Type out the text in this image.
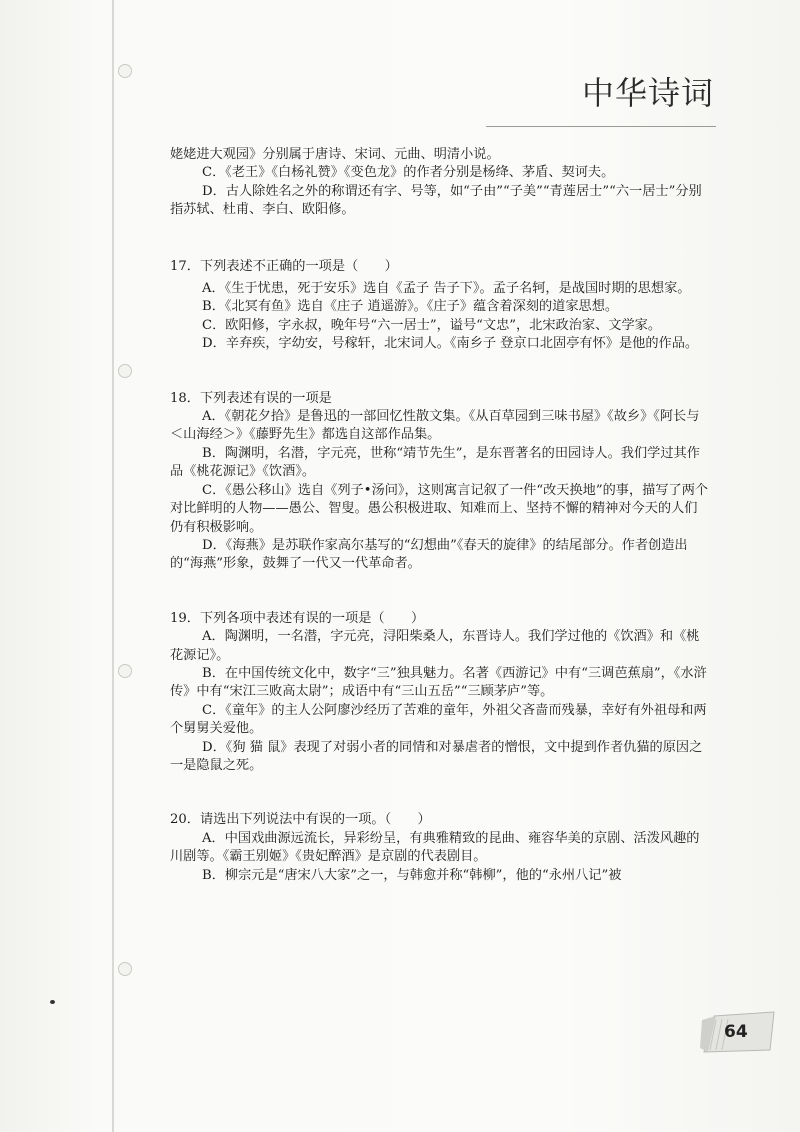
中华诗词

姥姥进大观园》分别属于唐诗、宋词、元曲、明清小说。

C．《老王》《白杨礼赞》《变色龙》的作者分别是杨绛、茅盾、契诃夫。

D．古人除姓名之外的称谓还有字、号等，如“子由”“子美”“青莲居士”“六一居士”分别指苏轼、杜甫、李白、欧阳修。

17．下列表述不正确的一项是（　　）

A．《生于忧患，死于安乐》选自《孟子 告子下》。孟子名轲，是战国时期的思想家。

B．《北冥有鱼》选自《庄子 逍遥游》。《庄子》蕴含着深刻的道家思想。

C．欧阳修，字永叔，晚年号“六一居士”，谥号“文忠”，北宋政治家、文学家。

D．辛弃疾，字幼安，号稼轩，北宋词人。《南乡子 登京口北固亭有怀》是他的作品。

18．下列表述有误的一项是

A．《朝花夕拾》是鲁迅的一部回忆性散文集。《从百草园到三味书屋》《故乡》《阿长与＜山海经＞》《藤野先生》都选自这部作品集。

B．陶渊明，名潜，字元亮，世称“靖节先生”，是东晋著名的田园诗人。我们学过其作品《桃花源记》《饮酒》。

C．《愚公移山》选自《列子•汤问》，这则寓言记叙了一件“改天换地”的事，描写了两个对比鲜明的人物——愚公、智叟。愚公积极进取、知难而上、坚持不懈的精神对今天的人们仍有积极影响。

D．《海燕》是苏联作家高尔基写的“幻想曲”《春天的旋律》的结尾部分。作者创造出的“海燕”形象，鼓舞了一代又一代革命者。

19．下列各项中表述有误的一项是（　　）

A．陶渊明，一名潜，字元亮，浔阳柴桑人，东晋诗人。我们学过他的《饮酒》和《桃花源记》。

B．在中国传统文化中，数字“三”独具魅力。名著《西游记》中有“三调芭蕉扇”，《水浒传》中有“宋江三败高太尉”；成语中有“三山五岳”“三顾茅庐”等。

C．《童年》的主人公阿廖沙经历了苦难的童年，外祖父吝啬而残暴，幸好有外祖母和两个舅舅关爱他。

D．《狗 猫 鼠》表现了对弱小者的同情和对暴虐者的憎恨，文中提到作者仇猫的原因之一是隐鼠之死。

20．请选出下列说法中有误的一项。（　　）

A．中国戏曲源远流长，异彩纷呈，有典雅精致的昆曲、雍容华美的京剧、活泼风趣的川剧等。《霸王别姬》《贵妃醉酒》是京剧的代表剧目。

B．柳宗元是“唐宋八大家”之一，与韩愈并称“韩柳”，他的“永州八记”被

64
